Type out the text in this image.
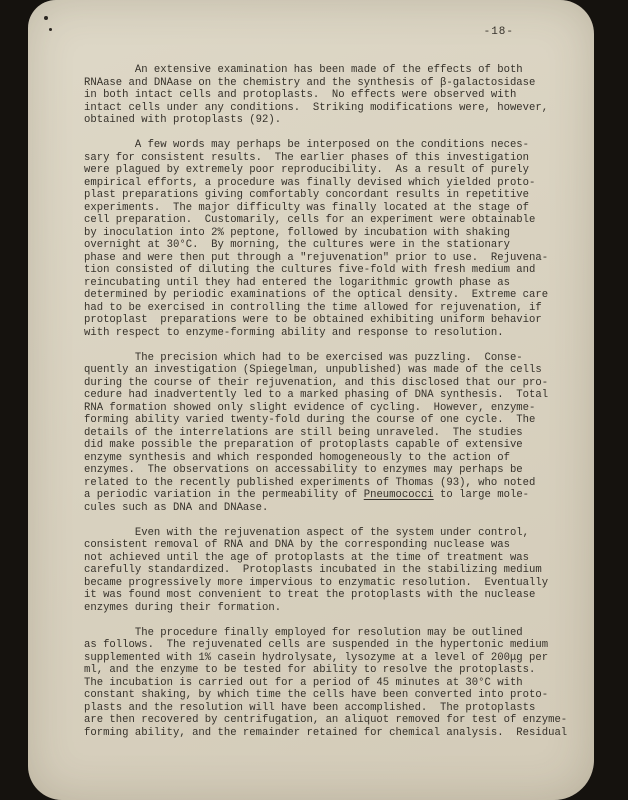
-18-
An extensive examination has been made of the effects of both
RNAase and DNAase on the chemistry and the synthesis of β-galactosidase
in both intact cells and protoplasts.  No effects were observed with
intact cells under any conditions.  Striking modifications were, however,
obtained with protoplasts (92).
A few words may perhaps be interposed on the conditions neces-
sary for consistent results.  The earlier phases of this investigation
were plagued by extremely poor reproducibility.  As a result of purely
empirical efforts, a procedure was finally devised which yielded proto-
plast preparations giving comfortably concordant results in repetitive
experiments.  The major difficulty was finally located at the stage of
cell preparation.  Customarily, cells for an experiment were obtainable
by inoculation into 2% peptone, followed by incubation with shaking
overnight at 30°C.  By morning, the cultures were in the stationary
phase and were then put through a "rejuvenation" prior to use.  Rejuvena-
tion consisted of diluting the cultures five-fold with fresh medium and
reincubating until they had entered the logarithmic growth phase as
determined by periodic examinations of the optical density.  Extreme care
had to be exercised in controlling the time allowed for rejuvenation, if
protoplast  preparations were to be obtained exhibiting uniform behavior
with respect to enzyme-forming ability and response to resolution.
The precision which had to be exercised was puzzling.  Conse-
quently an investigation (Spiegelman, unpublished) was made of the cells
during the course of their rejuvenation, and this disclosed that our pro-
cedure had inadvertently led to a marked phasing of DNA synthesis.  Total
RNA formation showed only slight evidence of cycling.  However, enzyme-
forming ability varied twenty-fold during the course of one cycle.  The
details of the interrelations are still being unraveled.  The studies
did make possible the preparation of protoplasts capable of extensive
enzyme synthesis and which responded homogeneously to the action of
enzymes.  The observations on accessability to enzymes may perhaps be
related to the recently published experiments of Thomas (93), who noted
a periodic variation in the permeability of Pneumococci to large mole-
cules such as DNA and DNAase.
Even with the rejuvenation aspect of the system under control,
consistent removal of RNA and DNA by the corresponding nuclease was
not achieved until the age of protoplasts at the time of treatment was
carefully standardized.  Protoplasts incubated in the stabilizing medium
became progressively more impervious to enzymatic resolution.  Eventually
it was found most convenient to treat the protoplasts with the nuclease
enzymes during their formation.
The procedure finally employed for resolution may be outlined
as follows.  The rejuvenated cells are suspended in the hypertonic medium
supplemented with 1% casein hydrolysate, lysozyme at a level of 200μg per
ml, and the enzyme to be tested for ability to resolve the protoplasts.
The incubation is carried out for a period of 45 minutes at 30°C with
constant shaking, by which time the cells have been converted into proto-
plasts and the resolution will have been accomplished.  The protoplasts
are then recovered by centrifugation, an aliquot removed for test of enzyme-
forming ability, and the remainder retained for chemical analysis.  Residual
